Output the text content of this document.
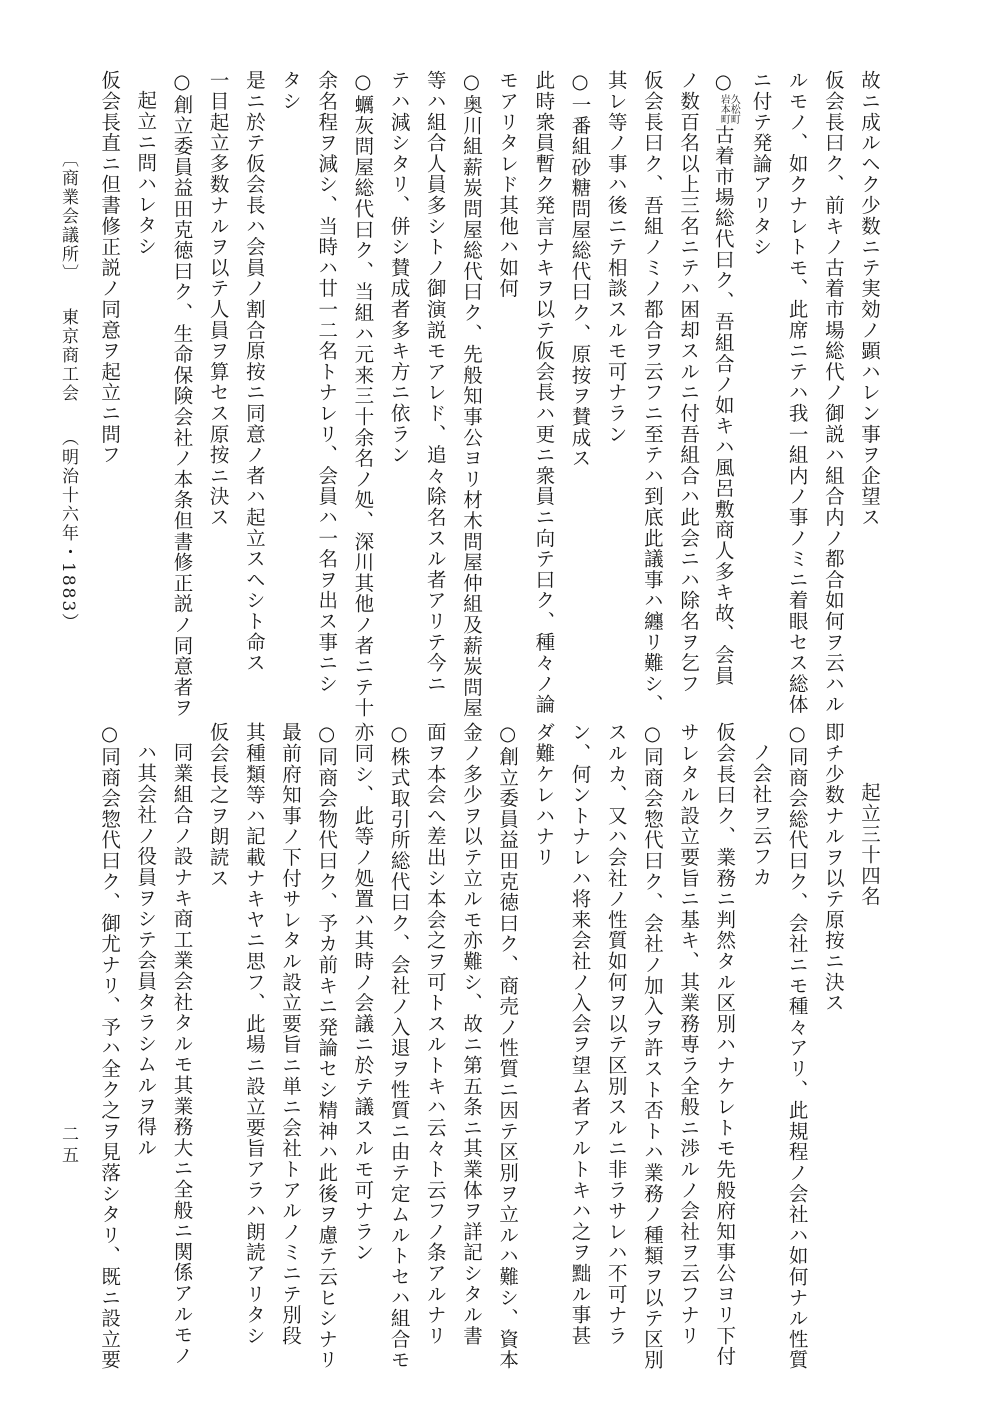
故ニ成ルヘク少数ニテ実効ノ顕ハレン事ヲ企望ス
仮会長曰ク、前キノ古着市場総代ノ御説ハ組合内ノ都合如何ヲ云ハル
ルモノ、如クナレトモ、此席ニテハ我一組内ノ事ノミニ着眼セス総体
ニ付テ発論アリタシ
○
久松町
岩本町
古着市場総代曰ク、吾組合ノ如キハ風呂敷商人多キ故、会員
ノ数百名以上三名ニテハ困却スルニ付吾組合ハ此会ニハ除名ヲ乞フ
仮会長曰ク、吾組ノミノ都合ヲ云フニ至テハ到底此議事ハ纏リ難シ、
其レ等ノ事ハ後ニテ相談スルモ可ナラン
○一番組砂糖問屋総代曰ク、原按ヲ賛成ス
此時衆員暫ク発言ナキヲ以テ仮会長ハ更ニ衆員ニ向テ曰ク、種々ノ論
モアリタレド其他ハ如何
○奥川組薪炭問屋総代曰ク、先般知事公ヨリ材木問屋仲組及薪炭問屋
等ハ組合人員多シトノ御演説モアレド、追々除名スル者アリテ今ニ
テハ減シタリ、併シ賛成者多キ方ニ依ラン
○蠣灰問屋総代曰ク、当組ハ元来三十余名ノ処、深川其他ノ者ニテ十
余名程ヲ減シ、当時ハ廿一二名トナレリ、会員ハ一名ヲ出ス事ニシ
タシ
是ニ於テ仮会長ハ会員ノ割合原按ニ同意ノ者ハ起立スヘシト命ス
一目起立多数ナルヲ以テ人員ヲ算セス原按ニ決ス
○創立委員益田克徳曰ク、生命保険会社ノ本条但書修正説ノ同意者ヲ
起立ニ問ハレタシ
仮会長直ニ但書修正説ノ同意ヲ起立ニ問フ
起立三十四名
即チ少数ナルヲ以テ原按ニ決ス
○同商会総代曰ク、会社ニモ種々アリ、此規程ノ会社ハ如何ナル性質
ノ会社ヲ云フカ
仮会長曰ク、業務ニ判然タル区別ハナケレトモ先般府知事公ヨリ下付
サレタル設立要旨ニ基キ、其業務専ラ全般ニ渉ルノ会社ヲ云フナリ
○同商会惣代曰ク、会社ノ加入ヲ許スト否トハ業務ノ種類ヲ以テ区別
スルカ、又ハ会社ノ性質如何ヲ以テ区別スルニ非ラサレハ不可ナラ
ン、何ントナレハ将来会社ノ入会ヲ望ム者アルトキハ之ヲ黜ル事甚
ダ難ケレハナリ
○創立委員益田克徳曰ク、商売ノ性質ニ因テ区別ヲ立ルハ難シ、資本
金ノ多少ヲ以テ立ルモ亦難シ、故ニ第五条ニ其業体ヲ詳記シタル書
面ヲ本会へ差出シ本会之ヲ可トスルトキハ云々ト云フノ条アルナリ
○株式取引所総代曰ク、会社ノ入退ヲ性質ニ由テ定ムルトセハ組合モ
亦同シ、此等ノ処置ハ其時ノ会議ニ於テ議スルモ可ナラン
○同商会物代曰ク、予カ前キニ発論セシ精神ハ此後ヲ慮テ云ヒシナリ
最前府知事ノ下付サレタル設立要旨ニ単ニ会社トアルノミニテ別段
其種類等ハ記載ナキヤニ思フ、此場ニ設立要旨アラハ朗読アリタシ
仮会長之ヲ朗読ス
同業組合ノ設ナキ商工業会社タルモ其業務大ニ全般ニ関係アルモノ
ハ其会社ノ役員ヲシテ会員タラシムルヲ得ル
○同商会惣代曰ク、御尤ナリ、予ハ全ク之ヲ見落シタリ、既ニ設立要
〔商業会議所〕 東京商工会 （明治十六年・1883）
二五
